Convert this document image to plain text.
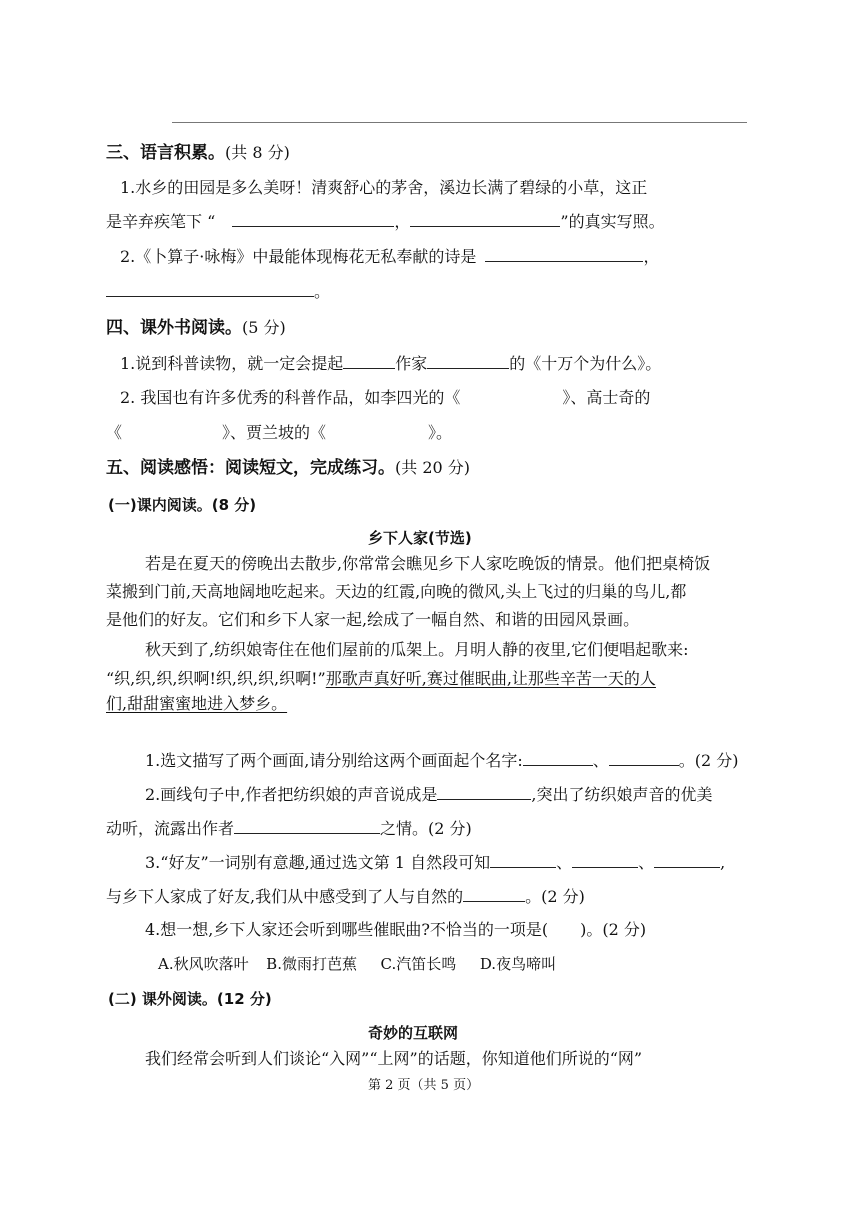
三、语言积累。(共 8 分)
1.水乡的田园是多么美呀！清爽舒心的茅舍，溪边长满了碧绿的小草，这正
是辛弃疾笔下 “	，	”的真实写照。
2.《卜算子·咏梅》中最能体现梅花无私奉献的诗是	，
。
四、课外书阅读。(5 分)
1.说到科普读物，就一定会提起	作家	的《十万个为什么》。
2. 我国也有许多优秀的科普作品，如李四光的《	》、高士奇的
《	》、贾兰坡的《	》。
五、阅读感悟：阅读短文，完成练习。(共 20 分)
(一)课内阅读。(8 分)
乡下人家(节选)
若是在夏天的傍晚出去散步,你常常会瞧见乡下人家吃晚饭的情景。他们把桌椅饭
菜搬到门前,天高地阔地吃起来。天边的红霞,向晚的微风,头上飞过的归巢的鸟儿,都
是他们的好友。它们和乡下人家一起,绘成了一幅自然、和谐的田园风景画。
秋天到了,纺织娘寄住在他们屋前的瓜架上。月明人静的夜里,它们便唱起歌来:
“织,织,织,织啊!织,织,织,织啊!”那歌声真好听,赛过催眠曲,让那些辛苦一天的人
们,甜甜蜜蜜地进入梦乡。
1.选文描写了两个画面,请分别给这两个画面起个名字:	、	。(2 分)
2.画线句子中,作者把纺织娘的声音说成是	,突出了纺织娘声音的优美
动听，流露出作者	之情。(2 分)
3.“好友”一词别有意趣,通过选文第 1 自然段可知	、	、	,
与乡下人家成了好友,我们从中感受到了人与自然的	。(2 分)
4.想一想,乡下人家还会听到哪些催眠曲?不恰当的一项是(　　)。(2 分)
A.秋风吹落叶 B.微雨打芭蕉 C.汽笛长鸣 D.夜鸟啼叫
(二) 课外阅读。(12 分)
奇妙的互联网
我们经常会听到人们谈论“入网”“上网”的话题，你知道他们所说的“网”
第 2 页（共 5 页）
